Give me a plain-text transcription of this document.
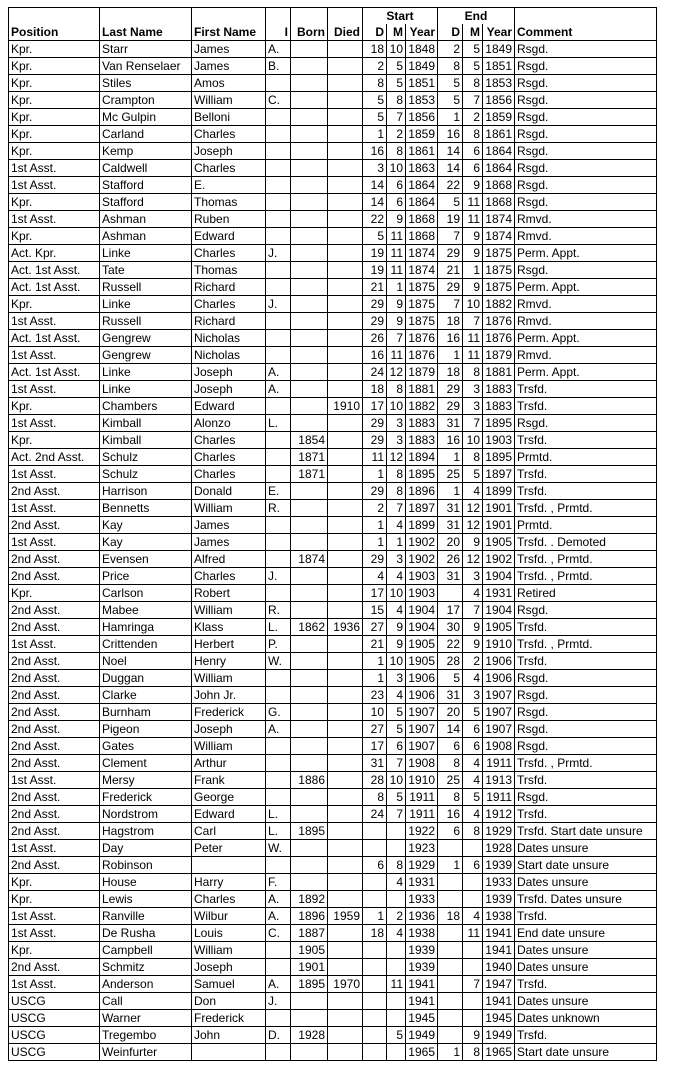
						Start			End			
Position	Last Name	First Name	I	Born	Died	D	M	Year	D	M	Year	Comment
Kpr.	Starr	James	A.			18	10	1848	2	5	1849	Rsgd.
Kpr.	Van Renselaer	James	B.			2	5	1849	8	5	1851	Rsgd.
Kpr.	Stiles	Amos				8	5	1851	5	8	1853	Rsgd.
Kpr.	Crampton	William	C.			5	8	1853	5	7	1856	Rsgd.
Kpr.	Mc Gulpin	Belloni				5	7	1856	1	2	1859	Rsgd.
Kpr.	Carland	Charles				1	2	1859	16	8	1861	Rsgd.
Kpr.	Kemp	Joseph				16	8	1861	14	6	1864	Rsgd.
1st Asst.	Caldwell	Charles				3	10	1863	14	6	1864	Rsgd.
1st Asst.	Stafford	E.				14	6	1864	22	9	1868	Rsgd.
Kpr.	Stafford	Thomas				14	6	1864	5	11	1868	Rsgd.
1st Asst.	Ashman	Ruben				22	9	1868	19	11	1874	Rmvd.
Kpr.	Ashman	Edward				5	11	1868	7	9	1874	Rmvd.
Act. Kpr.	Linke	Charles	J.			19	11	1874	29	9	1875	Perm. Appt.
Act. 1st Asst.	Tate	Thomas				19	11	1874	21	1	1875	Rsgd.
Act. 1st Asst.	Russell	Richard				21	1	1875	29	9	1875	Perm. Appt.
Kpr.	Linke	Charles	J.			29	9	1875	7	10	1882	Rmvd.
1st Asst.	Russell	Richard				29	9	1875	18	7	1876	Rmvd.
Act. 1st Asst.	Gengrew	Nicholas				26	7	1876	16	11	1876	Perm. Appt.
1st Asst.	Gengrew	Nicholas				16	11	1876	1	11	1879	Rmvd.
Act. 1st Asst.	Linke	Joseph	A.			24	12	1879	18	8	1881	Perm. Appt.
1st Asst.	Linke	Joseph	A.			18	8	1881	29	3	1883	Trsfd.
Kpr.	Chambers	Edward			1910	17	10	1882	29	3	1883	Trsfd.
1st Asst.	Kimball	Alonzo	L.			29	3	1883	31	7	1895	Rsgd.
Kpr.	Kimball	Charles		1854		29	3	1883	16	10	1903	Trsfd.
Act. 2nd Asst.	Schulz	Charles		1871		11	12	1894	1	8	1895	Prmtd.
1st Asst.	Schulz	Charles		1871		1	8	1895	25	5	1897	Trsfd.
2nd Asst.	Harrison	Donald	E.			29	8	1896	1	4	1899	Trsfd.
1st Asst.	Bennetts	William	R.			2	7	1897	31	12	1901	Trsfd. , Prmtd.
2nd Asst.	Kay	James				1	4	1899	31	12	1901	Prmtd.
1st Asst.	Kay	James				1	1	1902	20	9	1905	Trsfd. . Demoted
2nd Asst.	Evensen	Alfred		1874		29	3	1902	26	12	1902	Trsfd. , Prmtd.
2nd Asst.	Price	Charles	J.			4	4	1903	31	3	1904	Trsfd. , Prmtd.
Kpr.	Carlson	Robert				17	10	1903		4	1931	Retired
2nd Asst.	Mabee	William	R.			15	4	1904	17	7	1904	Rsgd.
2nd Asst.	Hamringa	Klass	L.	1862	1936	27	9	1904	30	9	1905	Trsfd.
1st Asst.	Crittenden	Herbert	P.			21	9	1905	22	9	1910	Trsfd. , Prmtd.
2nd Asst.	Noel	Henry	W.			1	10	1905	28	2	1906	Trsfd.
2nd Asst.	Duggan	William				1	3	1906	5	4	1906	Rsgd.
2nd Asst.	Clarke	John Jr.				23	4	1906	31	3	1907	Rsgd.
2nd Asst.	Burnham	Frederick	G.			10	5	1907	20	5	1907	Rsgd.
2nd Asst.	Pigeon	Joseph	A.			27	5	1907	14	6	1907	Rsgd.
2nd Asst.	Gates	William				17	6	1907	6	6	1908	Rsgd.
2nd Asst.	Clement	Arthur				31	7	1908	8	4	1911	Trsfd. , Prmtd.
1st Asst.	Mersy	Frank		1886		28	10	1910	25	4	1913	Trsfd.
2nd Asst.	Frederick	George				8	5	1911	8	5	1911	Rsgd.
2nd Asst.	Nordstrom	Edward	L.			24	7	1911	16	4	1912	Trsfd.
2nd Asst.	Hagstrom	Carl	L.	1895				1922	6	8	1929	Trsfd. Start date unsure
1st Asst.	Day	Peter	W.					1923			1928	Dates unsure
2nd Asst.	Robinson					6	8	1929	1	6	1939	Start date unsure
Kpr.	House	Harry	F.				4	1931			1933	Dates unsure
Kpr.	Lewis	Charles	A.	1892				1933			1939	Trsfd. Dates unsure
1st Asst.	Ranville	Wilbur	A.	1896	1959	1	2	1936	18	4	1938	Trsfd.
1st Asst.	De Rusha	Louis	C.	1887		18	4	1938		11	1941	End date unsure
Kpr.	Campbell	William		1905				1939			1941	Dates unsure
2nd Asst.	Schmitz	Joseph		1901				1939			1940	Dates unsure
1st Asst.	Anderson	Samuel	A.	1895	1970		11	1941		7	1947	Trsfd.
USCG	Call	Don	J.					1941			1941	Dates unsure
USCG	Warner	Frederick						1945			1945	Dates unknown
USCG	Tregembo	John	D.	1928			5	1949		9	1949	Trsfd.
USCG	Weinfurter							1965	1	8	1965	Start date unsure
